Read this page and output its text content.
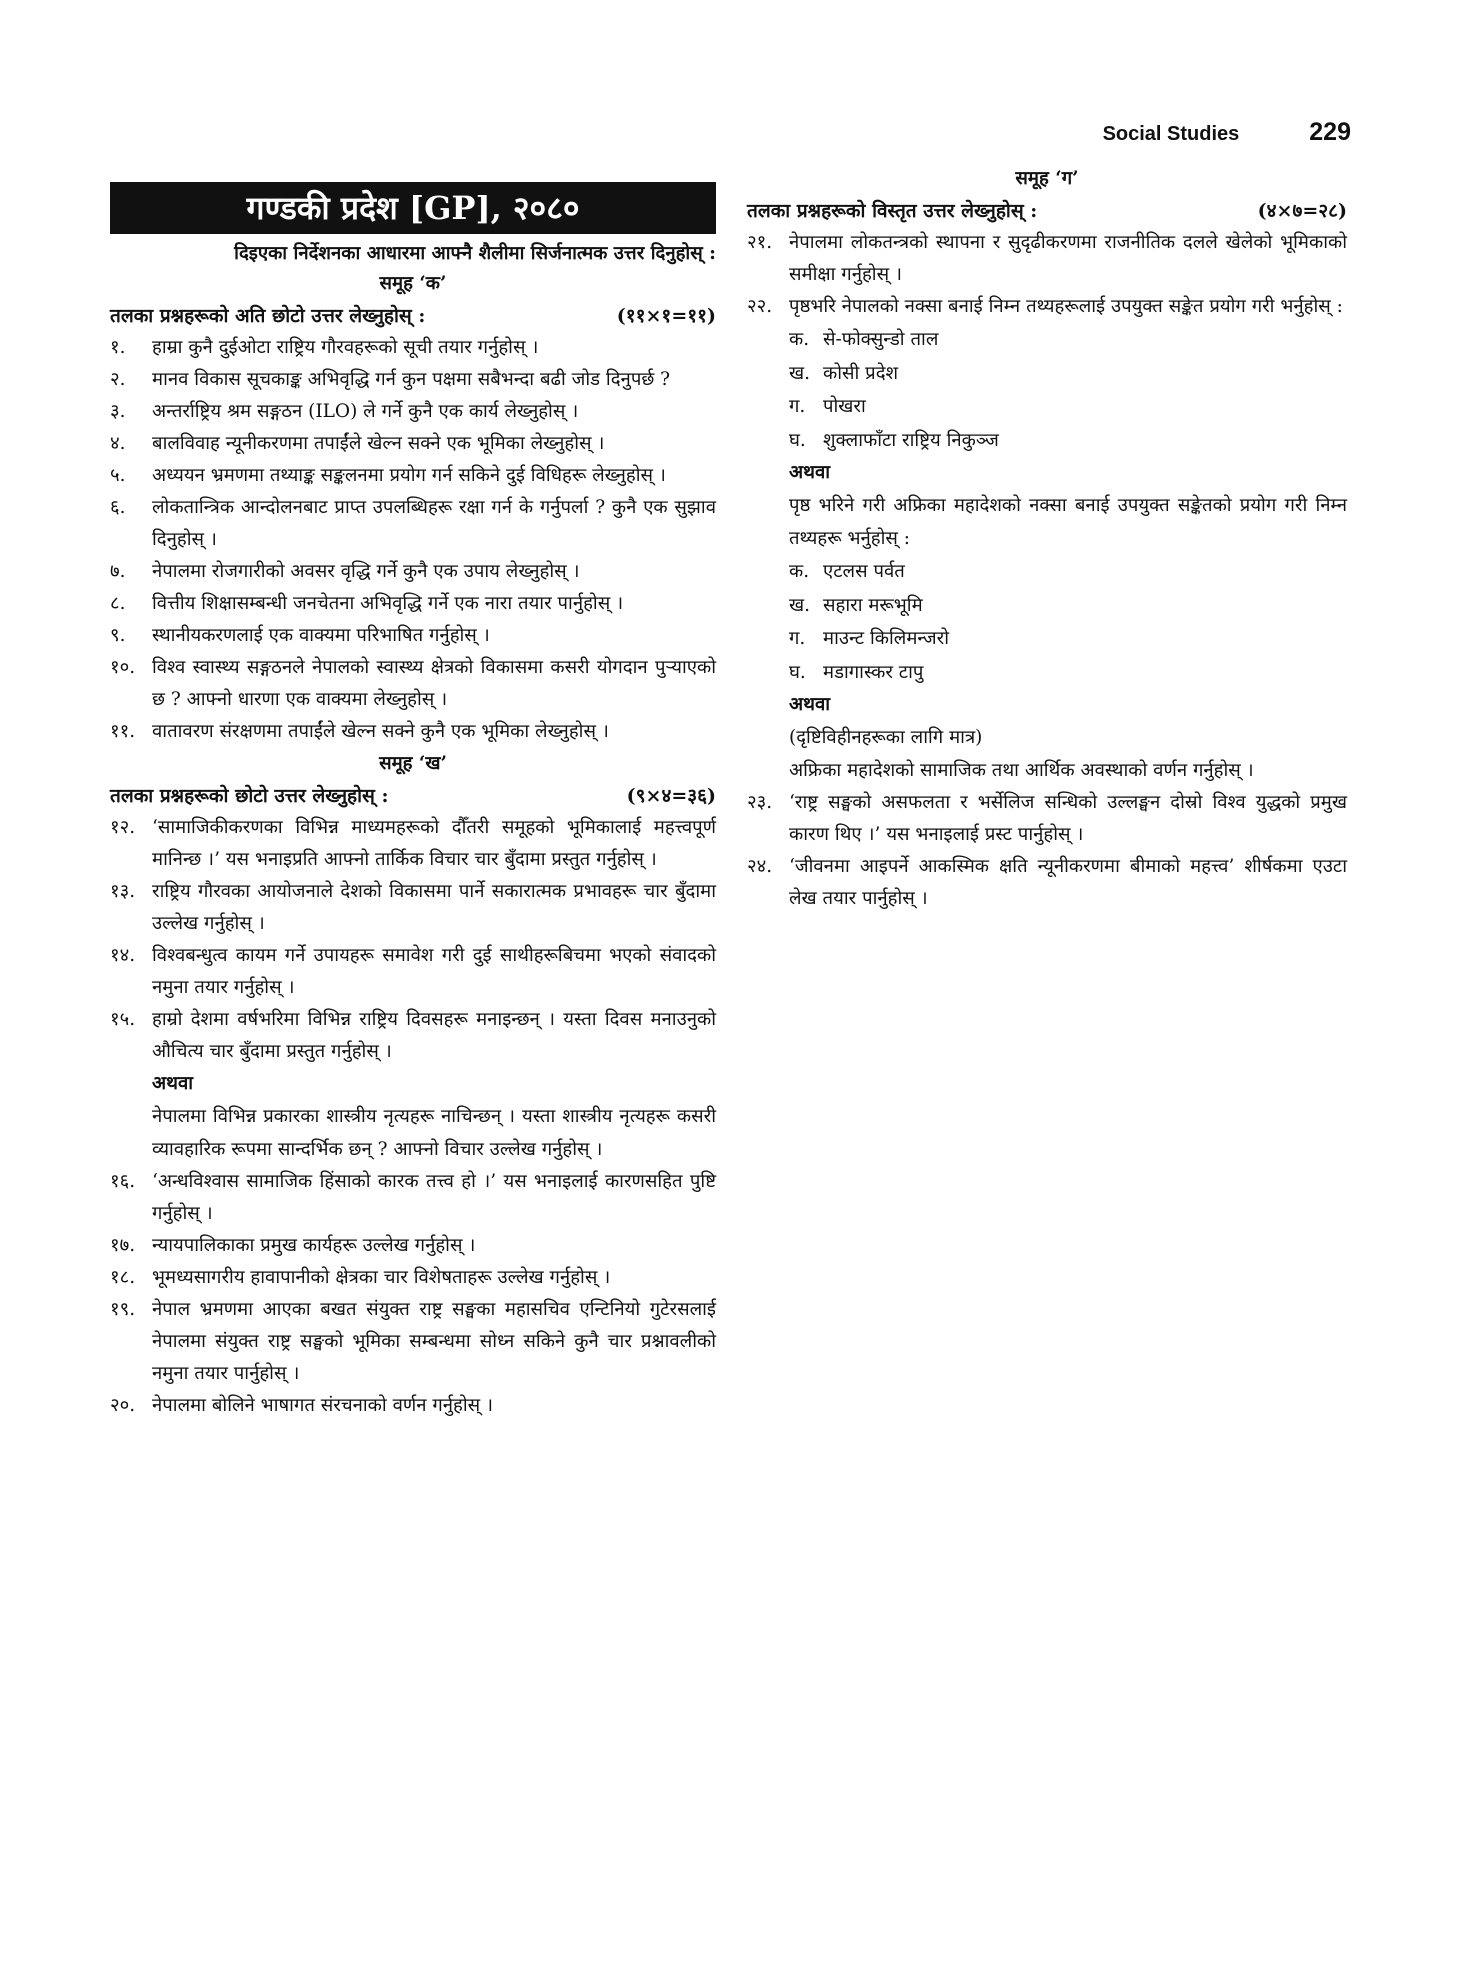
Social Studies	229
गण्डकी प्रदेश [GP], २०८०
दिइएका निर्देशनका आधारमा आफ्नै शैलीमा सिर्जनात्मक उत्तर दिनुहोस् :
समूह ‘क’
तलका प्रश्नहरूको अति छोटो उत्तर लेख्नुहोस् :	(११×१=११)
१.	हाम्रा कुनै दुईओटा राष्ट्रिय गौरवहरूको सूची तयार गर्नुहोस् ।
२.	मानव विकास सूचकाङ्क अभिवृद्धि गर्न कुन पक्षमा सबैभन्दा बढी जोड दिनुपर्छ ?
३.	अन्तर्राष्ट्रिय श्रम सङ्गठन (ILO) ले गर्ने कुनै एक कार्य लेख्नुहोस् ।
४.	बालविवाह न्यूनीकरणमा तपाईंले खेल्न सक्ने एक भूमिका लेख्नुहोस् ।
५.	अध्ययन भ्रमणमा तथ्याङ्क सङ्कलनमा प्रयोग गर्न सकिने दुई विधिहरू लेख्नुहोस् ।
६.	लोकतान्त्रिक आन्दोलनबाट प्राप्त उपलब्धिहरू रक्षा गर्न के गर्नुपर्ला ? कुनै एक सुझाव दिनुहोस् ।
७.	नेपालमा रोजगारीको अवसर वृद्धि गर्ने कुनै एक उपाय लेख्नुहोस् ।
८.	वित्तीय शिक्षासम्बन्धी जनचेतना अभिवृद्धि गर्ने एक नारा तयार पार्नुहोस् ।
९.	स्थानीयकरणलाई एक वाक्यमा परिभाषित गर्नुहोस् ।
१०. विश्व स्वास्थ्य सङ्गठनले नेपालको स्वास्थ्य क्षेत्रको विकासमा कसरी योगदान पुऱ्याएको छ ? आफ्नो धारणा एक वाक्यमा लेख्नुहोस् ।
११. वातावरण संरक्षणमा तपाईंले खेल्न सक्ने कुनै एक भूमिका लेख्नुहोस् ।
समूह ‘ख’
तलका प्रश्नहरूको छोटो उत्तर लेख्नुहोस् :	(९×४=३६)
१२. ‘सामाजिकीकरणका विभिन्न माध्यमहरूको दौँतरी समूहको भूमिकालाई महत्त्वपूर्ण मानिन्छ ।’ यस भनाइप्रति आफ्नो तार्किक विचार चार बुँदामा प्रस्तुत गर्नुहोस् ।
१३. राष्ट्रिय गौरवका आयोजनाले देशको विकासमा पार्ने सकारात्मक प्रभावहरू चार बुँदामा उल्लेख गर्नुहोस् ।
१४. विश्वबन्धुत्व कायम गर्ने उपायहरू समावेश गरी दुई साथीहरूबिचमा भएको संवादको नमुना तयार गर्नुहोस् ।
१५. हाम्रो देशमा वर्षभरिमा विभिन्न राष्ट्रिय दिवसहरू मनाइन्छन् । यस्ता दिवस मनाउनुको औचित्य चार बुँदामा प्रस्तुत गर्नुहोस् ।
अथवा
नेपालमा विभिन्न प्रकारका शास्त्रीय नृत्यहरू नाचिन्छन् । यस्ता शास्त्रीय नृत्यहरू कसरी व्यावहारिक रूपमा सान्दर्भिक छन् ? आफ्नो विचार उल्लेख गर्नुहोस् ।
१६. ‘अन्धविश्वास सामाजिक हिंसाको कारक तत्त्व हो ।’ यस भनाइलाई कारणसहित पुष्टि गर्नुहोस् ।
१७. न्यायपालिकाका प्रमुख कार्यहरू उल्लेख गर्नुहोस् ।
१८. भूमध्यसागरीय हावापानीको क्षेत्रका चार विशेषताहरू उल्लेख गर्नुहोस् ।
१९. नेपाल भ्रमणमा आएका बखत संयुक्त राष्ट्र सङ्घका महासचिव एन्टिनियो गुटेरसलाई नेपालमा संयुक्त राष्ट्र सङ्घको भूमिका सम्बन्धमा सोध्न सकिने कुनै चार प्रश्नावलीको नमुना तयार पार्नुहोस् ।
२०. नेपालमा बोलिने भाषागत संरचनाको वर्णन गर्नुहोस् ।
समूह ‘ग’
तलका प्रश्नहरूको विस्तृत उत्तर लेख्नुहोस् :	(४×७=२८)
२१. नेपालमा लोकतन्त्रको स्थापना र सुदृढीकरणमा राजनीतिक दलले खेलेको भूमिकाको समीक्षा गर्नुहोस् ।
२२. पृष्ठभरि नेपालको नक्सा बनाई निम्न तथ्यहरूलाई उपयुक्त सङ्केत प्रयोग गरी भर्नुहोस् :
क. से-फोक्सुन्डो ताल
ख. कोसी प्रदेश
ग. पोखरा
घ. शुक्लाफाँटा राष्ट्रिय निकुञ्ज
अथवा
पृष्ठ भरिने गरी अफ्रिका महादेशको नक्सा बनाई उपयुक्त सङ्केतको प्रयोग गरी निम्न तथ्यहरू भर्नुहोस् :
क. एटलस पर्वत
ख. सहारा मरूभूमि
ग. माउन्ट किलिमन्जरो
घ. मडागास्कर टापु
अथवा
(दृष्टिविहीनहरूका लागि मात्र)
अफ्रिका महादेशको सामाजिक तथा आर्थिक अवस्थाको वर्णन गर्नुहोस् ।
२३. ‘राष्ट्र सङ्घको असफलता र भर्सेलिज सन्धिको उल्लङ्घन दोस्रो विश्व युद्धको प्रमुख कारण थिए ।’ यस भनाइलाई प्रस्ट पार्नुहोस् ।
२४. ‘जीवनमा आइपर्ने आकस्मिक क्षति न्यूनीकरणमा बीमाको महत्त्व’ शीर्षकमा एउटा लेख तयार पार्नुहोस् ।
